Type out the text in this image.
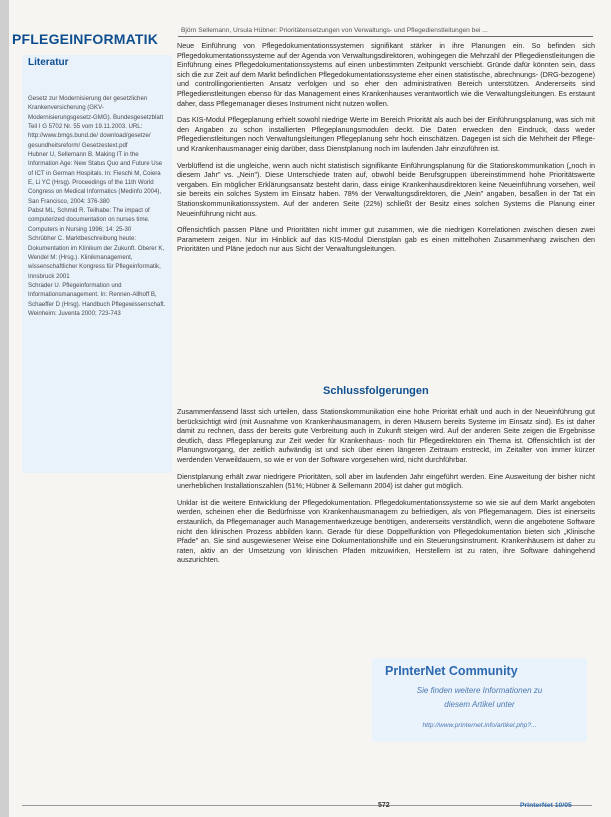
PFLEGEINFORMATIK
Björn Sellemann, Ursula Hübner: Prioritätensetzungen von Verwaltungs- und Pflegedienstleitungen bei ...
Literatur

Gesetz zur Modernisierung der gesetzlichen Krankenversicherung (GKV-Modernisierungsgesetz-GMG). Bundesgesetzblatt Teil I G 5702 Nr. 55 vom 19.11.2003. URL: http://www.bmgs.bund.de/ download/gesetze/ gesundheitsreform/ Gesetzestext.pdf

Hubner U, Sellemann B. Making IT in the Information Age: New Status Quo and Future Use of ICT in German Hospitals. In: Fieschi M, Coiera E, Li YC (Hrsg). Proceedings of the 11th World Congress on Medical Informatics (Medinfo 2004), San Francisco, 2004: 376-380

Pabst ML, Schmid R. Teilhabe: The impact of computerized documentation on nurses time. Computers in Nursing 1996; 14: 25-30

Schrübher C. Marktbeschreibung heute: Dokumentation im Klinikum der Zukunft. Oberer K, Wendel M: (Hrsg.). Klinikmanagement, wissenschaftlicher Kongress für Pflegeinformatik, Innsbruck 2001

Schrader U. Pflegeinformation und Informationsmanagement. In: Rennen-Allhoff B, Schaeffer D (Hrsg). Handbuch Pflegewissenschaft. Weinheim: Juventa 2000; 723-743

Neue Einführung von Pflegedokumentationssystemen signifikant stärker in ihre Planungen ein. So befinden sich Pflegedokumentationssysteme auf der Agenda von Verwaltungsdirektoren, wohingegen die Mehrzahl der Pflegedienstleitungen die Einführung eines Pflegedokumentationssystems auf einen unbestimmten Zeitpunkt verschiebt. Gründe dafür könnten sein, dass sich die zur Zeit auf dem Markt befindlichen Pflegedokumentationssysteme eher einen statistische, abrechnungs- (DRG-bezogene) und controllingorientierten Ansatz verfolgen und so eher den administrativen Bereich unterstützen. Andererseits sind Pflegedienstleitungen ebenso für das Management eines Krankenhauses verantwortlich wie die Verwaltungsleitungen. Es erstaunt daher, dass Pflegemanager dieses Instrument nicht nutzen wollen.

Das KIS-Modul Pflegeplanung erhielt sowohl niedrige Werte im Bereich Priorität als auch bei der Einführungsplanung, was sich mit den Angaben zu schon installierten Pflegeplanungsmodulen deckt. Die Daten erwecken den Eindruck, dass weder Pflegedienstleitungen noch Verwaltungsleitungen Pflegeplanung sehr hoch einschätzen. Dagegen ist sich die Mehrheit der Pflege- und Krankenhausmanager einig darüber, dass Dienstplanung noch im laufenden Jahr einzuführen ist.

Verblüffend ist die ungleiche, wenn auch nicht statistisch signifikante Einführungsplanung für die Stationskommunikation („noch in diesem Jahr" vs. „Nein"). Diese Unterschiede traten auf, obwohl beide Berufsgruppen übereinstimmend hohe Prioritätswerte vergaben. Ein möglicher Erklärungsansatz besteht darin, dass einige Krankenhausdirektoren keine Neueinführung vorsehen, weil sie bereits ein solches System im Einsatz haben. 78% der Verwaltungsdirektoren, die „Nein" angaben, besaßen in der Tat ein Stationskommunikationssystem. Auf der anderen Seite (22%) schließt der Besitz eines solchen Systems die Planung einer Neueinführung nicht aus.

Offensichtlich passen Pläne und Prioritäten nicht immer gut zusammen, wie die niedrigen Korrelationen zwischen diesen zwei Parametern zeigen. Nur im Hinblick auf das KIS-Modul Dienstplan gab es einen mittelhohen Zusammenhang zwischen den Prioritäten und Pläne jedoch nur aus Sicht der Verwaltungsleitungen.

Schlussfolgerungen

Zusammenfassend lässt sich urteilen, dass Stationskommunikation eine hohe Priorität erhält und auch in der Neueinführung gut berücksichtigt wird (mit Ausnahme von Krankenhausmanagern, in deren Häusern bereits Systeme im Einsatz sind). Es ist daher damit zu rechnen, dass der bereits gute Verbreitung auch in Zukunft steigen wird. Auf der anderen Seite zeigen die Ergebnisse deutlich, dass Pflegeplanung zur Zeit weder für Krankenhaus- noch für Pflegedirektoren ein Thema ist. Offensichtlich ist der Planungsvorgang, der zeitlich aufwändig ist und sich über einen längeren Zeitraum erstreckt, im Zeitalter von immer kürzer werdenden Verweildauern, so wie er von der Software vorgesehen wird, nicht durchführbar.

Dienstplanung erhält zwar niedrigere Prioritäten, soll aber im laufenden Jahr eingeführt werden. Eine Ausweitung der bisher nicht unerheblichen Installationszahlen (51%; Hübner & Sellemann 2004) ist daher gut möglich.

Unklar ist die weitere Entwicklung der Pflegedokumentation. Pflegedokumentationssysteme so wie sie auf dem Markt angeboten werden, scheinen eher die Bedürfnisse von Krankenhausmanagern zu befriedigen, als von Pflegemanagern. Dies ist einerseits erstaunlich, da Pflegemanager auch Managementwerkzeuge benötigen, andererseits verständlich, wenn die angebotene Software nicht den klinischen Prozess abbilden kann. Gerade für diese Doppelfunktion von Pflegedokumentation bieten sich „Klinische Pfade" an. Sie sind ausgewiesener Weise eine Dokumentationshilfe und ein Steuerungsinstrument. Krankenhäusern ist daher zu raten, aktiv an der Umsetzung von klinischen Pfaden mitzuwirken, Herstellern ist zu raten, ihre Software dahingehend auszurichten.

PrInterNet Community
Sie finden weitere Informationen zu
diesem Artikel unter
http://www.printernet.info/artikel.php?...
572	PrInterNet 10/05
